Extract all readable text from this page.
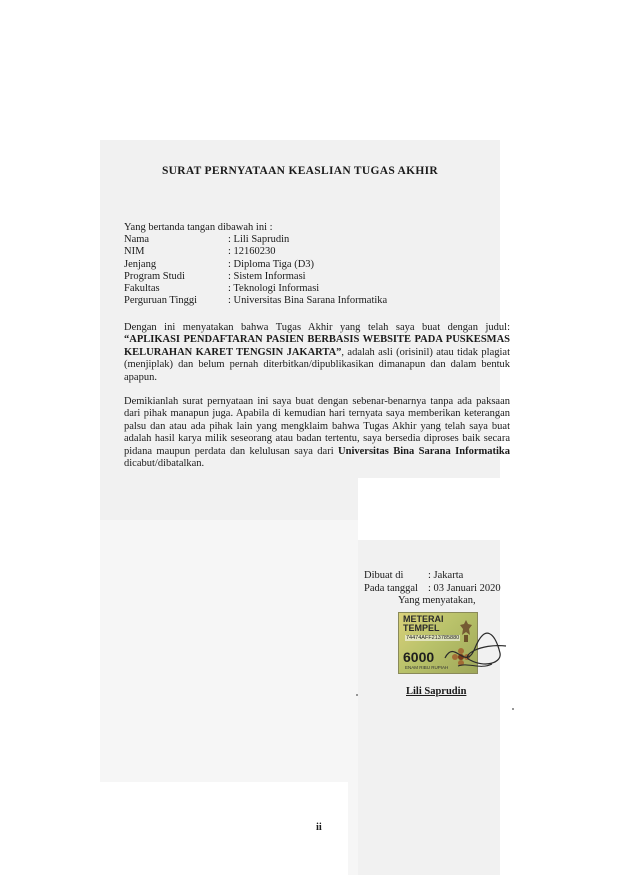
SURAT PERNYATAAN KEASLIAN TUGAS AKHIR

Yang bertanda tangan dibawah ini :

Nama	: Lili Saprudin
NIM	: 12160230
Jenjang	: Diploma Tiga (D3)
Program Studi	: Sistem Informasi
Fakultas	: Teknologi Informasi
Perguruan Tinggi	: Universitas Bina Sarana Informatika

Dengan ini menyatakan bahwa Tugas Akhir yang telah saya buat dengan judul: “APLIKASI PENDAFTARAN PASIEN BERBASIS WEBSITE PADA PUSKESMAS KELURAHAN KARET TENGSIN JAKARTA”, adalah asli (orisinil) atau tidak plagiat (menjiplak) dan belum pernah diterbitkan/dipublikasikan dimanapun dan dalam bentuk apapun.

Demikianlah surat pernyataan ini saya buat dengan sebenar-benarnya tanpa ada paksaan dari pihak manapun juga. Apabila di kemudian hari ternyata saya memberikan keterangan palsu dan atau ada pihak lain yang mengklaim bahwa Tugas Akhir yang telah saya buat adalah hasil karya milik seseorang atau badan tertentu, saya bersedia diproses baik secara pidana maupun perdata dan kelulusan saya dari Universitas Bina Sarana Informatika dicabut/dibatalkan.

Dibuat di	: Jakarta
Pada tanggal : 03 Januari 2020
Yang menyatakan,
METERAI
TEMPEL
74474AFF213785880
6000
ENAM RIBU RUPIAH
Lili Saprudin
ii
